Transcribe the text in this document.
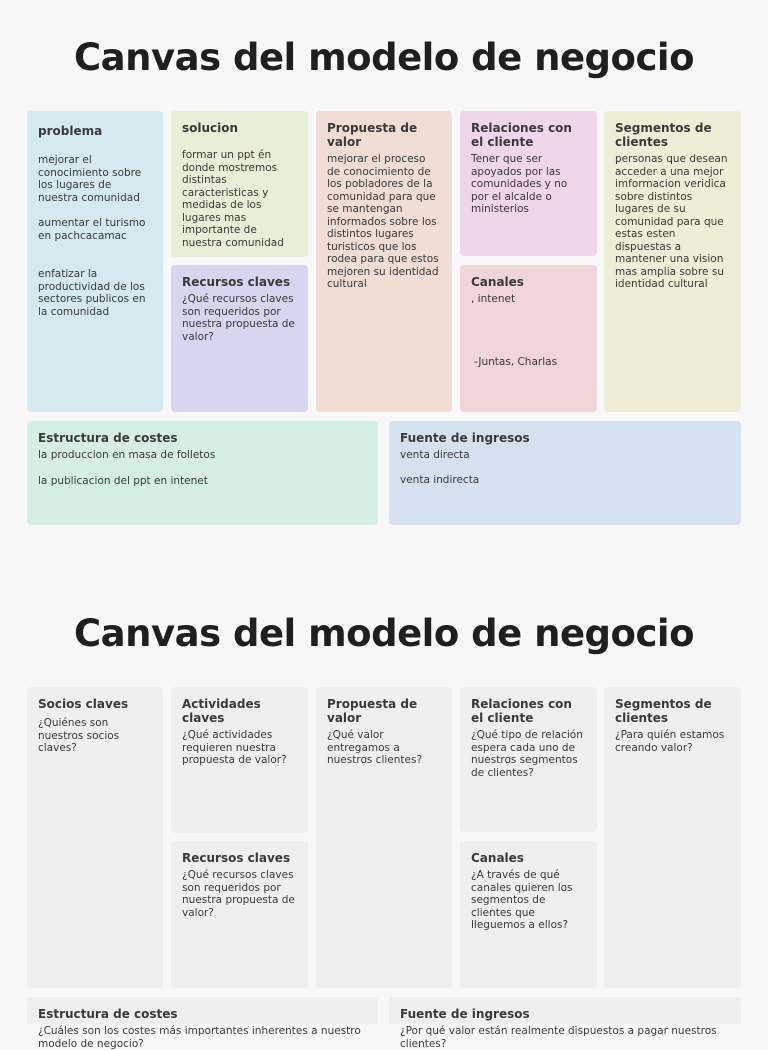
Canvas del modelo de negocio
problema

mejorar el conocimiento sobre los lugares de nuestra comunidad

aumentar el turismo en pachcacamac

enfatizar la productividad de los sectores publicos en la comunidad

solucion

formar un ppt én donde mostremos distintas caracteristicas y medidas de los lugares mas importante de nuestra comunidad

Recursos claves

¿Qué recursos claves son requeridos por nuestra propuesta de valor?

Propuesta de valor

mejorar el proceso de conocimiento de los pobladores de la comunidad para que se mantengan informados sobre los distintos lugares turisticos que los rodea para que estos mejoren su identidad cultural

Relaciones con el cliente

Tener que ser apoyados por las comunidades y no por el alcalde o ministerios

Canales

, intenet

-Juntas, Charlas

Segmentos de clientes

personas que desean acceder a una mejor imformacion veridica sobre distintos lugares de su comunidad para que estas esten dispuestas a mantener una vision mas amplia sobre su identidad cultural

Estructura de costes

la produccion en masa de folletos

la publicacion del ppt en intenet

Fuente de ingresos

venta directa

venta indirecta

Canvas del modelo de negocio
Socios claves

¿Quiénes son nuestros socios claves?

Actividades claves

¿Qué actividades requieren nuestra propuesta de valor?

Recursos claves

¿Qué recursos claves son requeridos por nuestra propuesta de valor?

Propuesta de valor

¿Qué valor entregamos a nuestros clientes?

Relaciones con el cliente

¿Qué tipo de relación espera cada uno de nuestros segmentos de clientes?

Canales

¿A través de qué canales quieren los segmentos de clientes que lleguemos a ellos?

Segmentos de clientes

¿Para quién estamos creando valor?

Estructura de costes

¿Cuáles son los costes más importantes inherentes a nuestro modelo de negocio?

Fuente de ingresos

¿Por qué valor están realmente dispuestos a pagar nuestros clientes?
